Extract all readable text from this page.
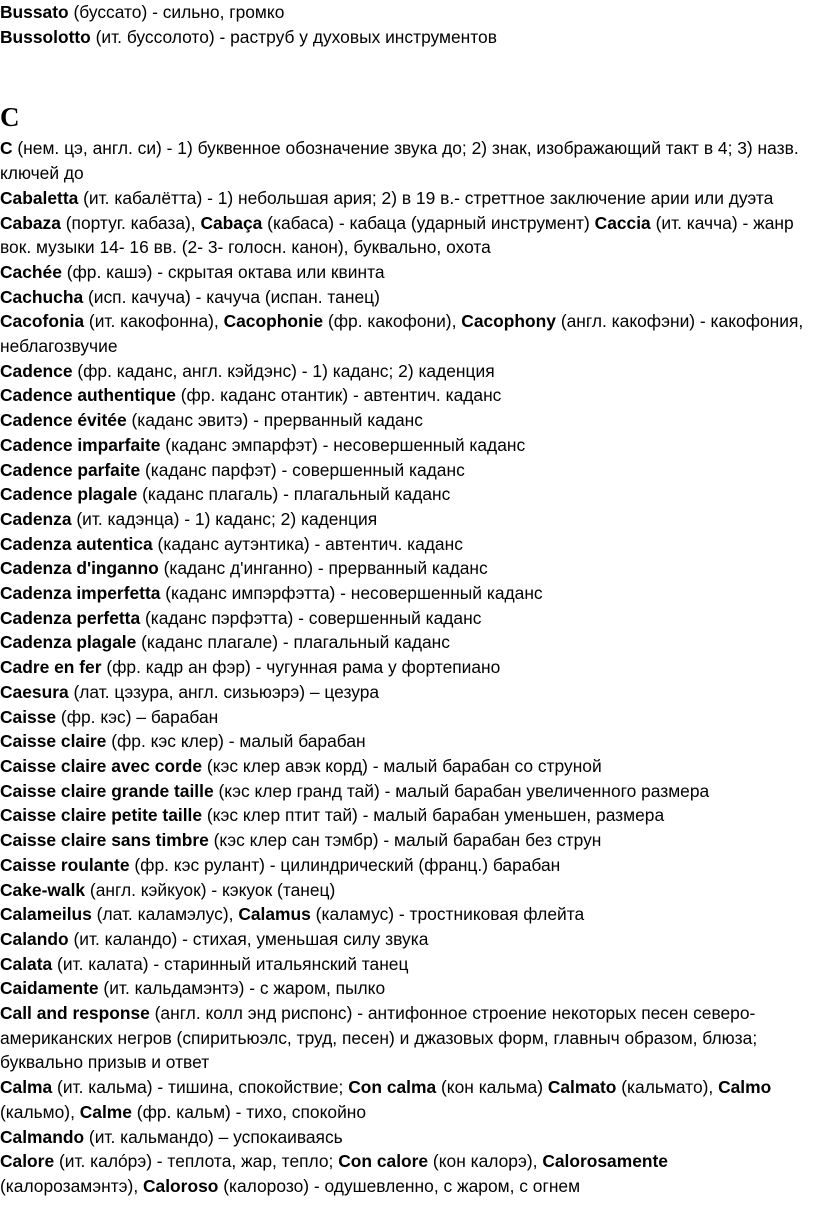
Bussato (буссато) - сильно, громко

Bussolotto (ит. буссолото) - раструб у духовых инструментов

C

C (нем. цэ, англ. си) - 1) буквенное обозначение звука до; 2) знак, изображающий такт в 4; 3) назв. ключей до

Cabaletta (ит. кабалётта) - 1) небольшая ария; 2) в 19 в.- стреттное заключение арии или дуэта

Cabaza (португ. кабаза), Cabaça (кабаса) - кабаца (ударный инструмент) Caccia (ит. качча) - жанр вок. музыки 14- 16 вв. (2- 3- голосн. канон), буквально, охота

Cachée (фр. кашэ) - скрытая октава или квинта

Cachucha (исп. качуча) - качуча (испан. танец)

Cacofonia (ит. какофонна), Cacophonie (фр. какофони), Cacophony (англ. какофэни) - какофония, неблагозвучие

Cadence (фр. каданс, англ. кэйдэнс) - 1) каданс; 2) каденция

Cadence authentique (фр. каданс отантик) - автентич. каданс

Cadence évitée (каданс эвитэ) - прерванный каданс

Cadence imparfaite (каданс эмпарфэт) - несовершенный каданс

Cadence parfaite (каданс парфэт) - совершенный каданс

Cadence plagale (каданс плагаль) - плагальный каданс

Cadenza (ит. кадэнца) - 1) каданс; 2) каденция

Cadenza autentica (каданс аутэнтика) - автентич. каданс

Cadenza d'inganno (каданс д'инганно) - прерванный каданс

Cadenza imperfetta (каданс импэрфэтта) - несовершенный каданс

Cadenza perfetta (каданс пэрфэтта) - совершенный каданс

Cadenza plagale (каданс плагале) - плагальный каданс

Cadre en fer (фр. кадр ан фэр) - чугунная рама у фортепиано

Caesura (лат. цэзура, англ. сизьюэрэ) – цезура

Caisse (фр. кэс) – барабан

Caisse claire (фр. кэс клер) - малый барабан

Caisse claire avec corde (кэс клер авэк корд) - малый барабан со струной

Caisse claire grande taille (кэс клер гранд тай) - малый барабан увеличенного размера

Caisse claire petite taille (кэс клер птит тай) - малый барабан уменьшен, размера

Caisse claire sans timbre (кэс клер сан тэмбр) - малый барабан без струн

Caisse roulante (фр. кэс рулант) - цилиндрический (франц.) барабан

Cake-walk (англ. кэйкуок) - кэкуок (танец)

Calameilus (лат. каламэлус), Calamus (каламус) - тростниковая флейта

Calando (ит. каландо) - стихая, уменьшая силу звука

Calata (ит. калата) - старинный итальянский танец

Caidamente (ит. кальдамэнтэ) - с жаром, пылко

Call and response (англ. колл энд риспонс) - антифонное строение некоторых песен северо-американских негров (спиритьюэлс, труд, песен) и джазовых форм, главныч образом, блюза; буквально призыв и ответ

Calma (ит. кальма) - тишина, спокойствие; Con calma (кон кальма) Calmato (кальмато), Calmo (кальмо), Calme (фр. кальм) - тихо, спокойно

Calmando (ит. кальмандо) – успокаиваясь

Calore (ит. калóрэ) - теплота, жар, тепло; Con calore (кон калорэ), Calorosamente (калорозамэнтэ), Caloroso (калорозо) - одушевленно, с жаром, с огнем
